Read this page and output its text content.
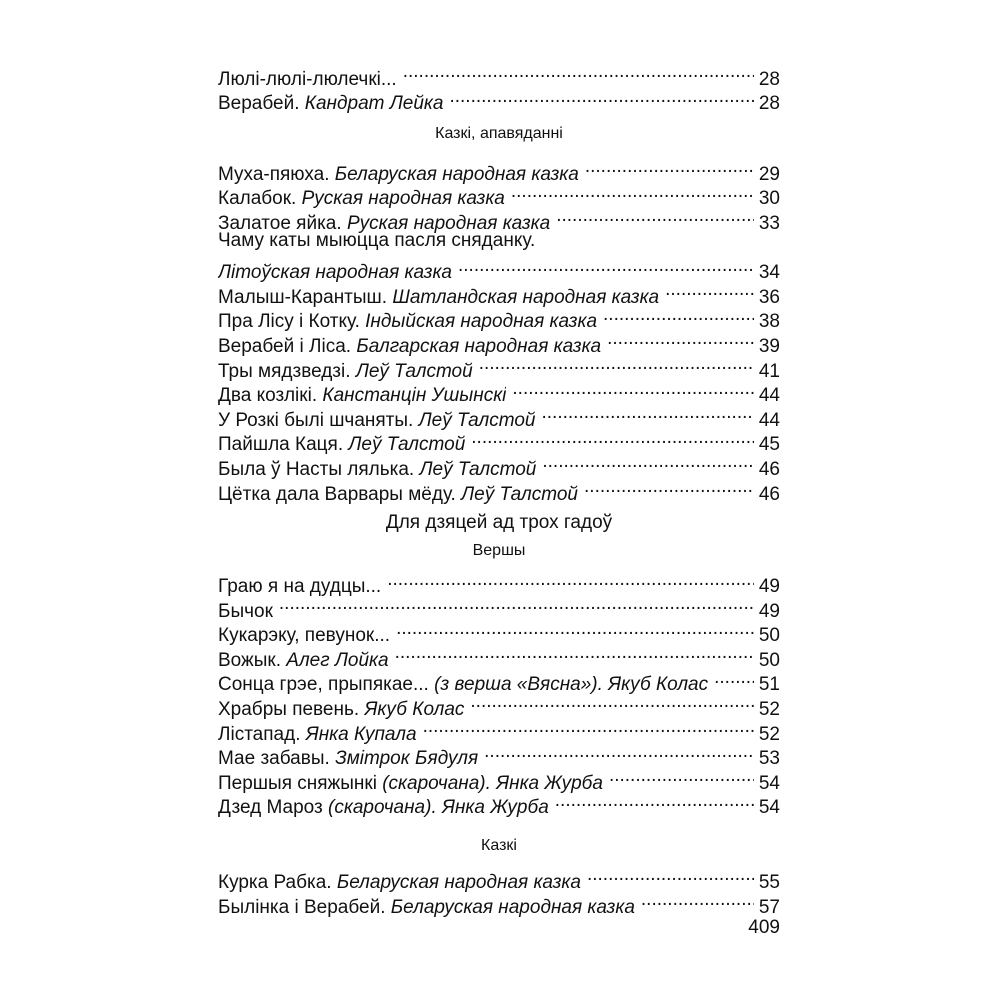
Люлі-люлі-люлечкі... .....	28
Верабей. Кандрат Лейка .....	28
Казкі, апавяданні
Муха-пяюха. Беларуская народная казка .....	29
Калабок. Руская народная казка .....	30
Залатое яйка. Руская народная казка .....	33
Чаму каты мыюцца пасля сняданку.
Літоўская народная казка .....	34
Малыш-Карантыш. Шатландская народная казка .....	36
Пра Лісу і Котку. Індыйская народная казка .....	38
Верабей і Ліса. Балгарская народная казка .....	39
Тры мядзведзі. Леў Талстой .....	41
Два козлікі. Канстанцін Ушынскі .....	44
У Розкі былі шчаняты. Леў Талстой .....	44
Пайшла Каця. Леў Талстой .....	45
Была ў Насты лялька. Леў Талстой .....	46
Цётка дала Варвары мёду. Леў Талстой .....	46
Для дзяцей ад трох гадоў
Вершы
Граю я на дудцы... .....	49
Бычок .....	49
Кукарэку, певунок... .....	50
Вожык. Алег Лойка .....	50
Сонца грэе, прыпякае... (з верша «Вясна»). Якуб Колас .....	51
Храбры певень. Якуб Колас .....	52
Лістапад. Янка Купала .....	52
Мае забавы. Змітрок Бядуля .....	53
Першыя сняжынкі (скарочана). Янка Журба .....	54
Дзед Мароз (скарочана). Янка Журба .....	54
Казкі
Курка Рабка. Беларуская народная казка .....	55
Былінка і Верабей. Беларуская народная казка .....	57
409
